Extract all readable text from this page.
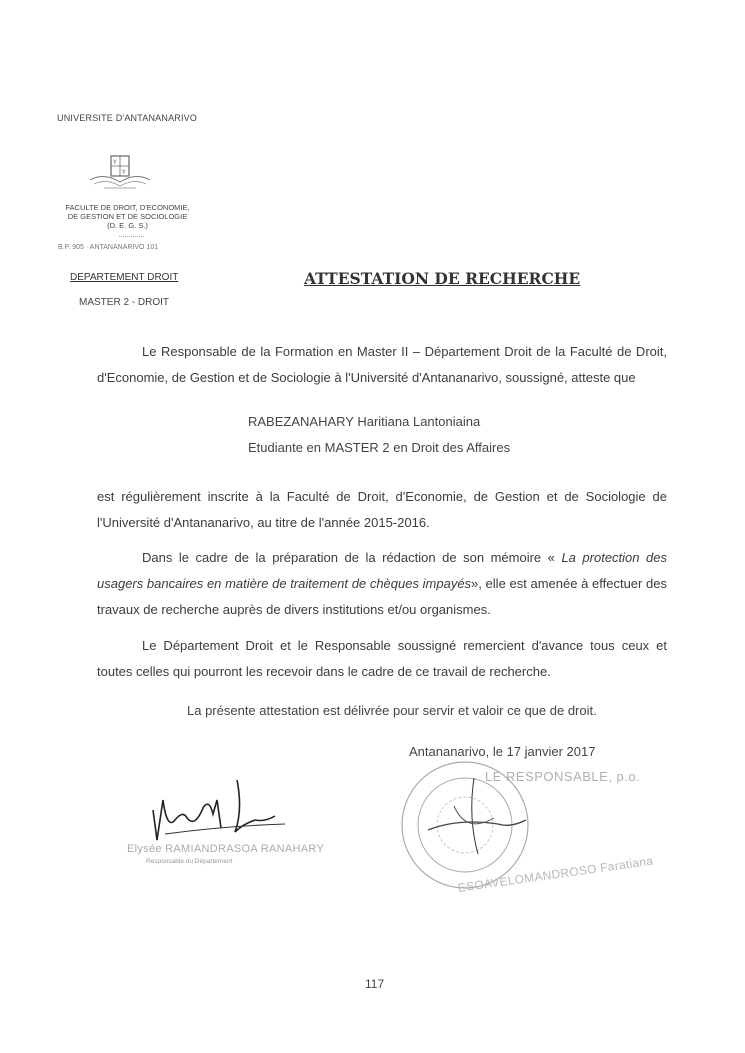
UNIVERSITE D'ANTANANARIVO
Y
Y
FACULTE DE DROIT, D'ECONOMIE,
DE GESTION ET DE SOCIOLOGIE
(D. E. G. S.)
B.P. 905 · ANTANANARIVO 101
DEPARTEMENT DROIT
MASTER 2 - DROIT
ATTESTATION DE RECHERCHE
Le Responsable de la Formation en Master II – Département Droit de la Faculté de Droit, d'Economie, de Gestion et de Sociologie à l'Université d'Antananarivo, soussigné, atteste que
RABEZANAHARY Haritiana Lantoniaina
Etudiante en MASTER 2 en Droit des Affaires
est régulièrement inscrite à la Faculté de Droit, d'Economie, de Gestion et de Sociologie de l'Université d'Antananarivo, au titre de l'année 2015-2016.
Dans le cadre de la préparation de la rédaction de son mémoire « La protection des usagers bancaires en matière de traitement de chèques impayés», elle est amenée à effectuer des travaux de recherche auprès de divers institutions et/ou organismes.
Le Département Droit et le Responsable soussigné remercient d'avance tous ceux et toutes celles qui pourront les recevoir dans le cadre de ce travail de recherche.
La présente attestation est délivrée pour servir et valoir ce que de droit.
Antananarivo, le 17 janvier 2017
LE RESPONSABLE, p.o.
Elysée RAMIANDRASOA RANAHARY
Responsable du Département	ESOAVELOMANDROSO Faratiana
117
